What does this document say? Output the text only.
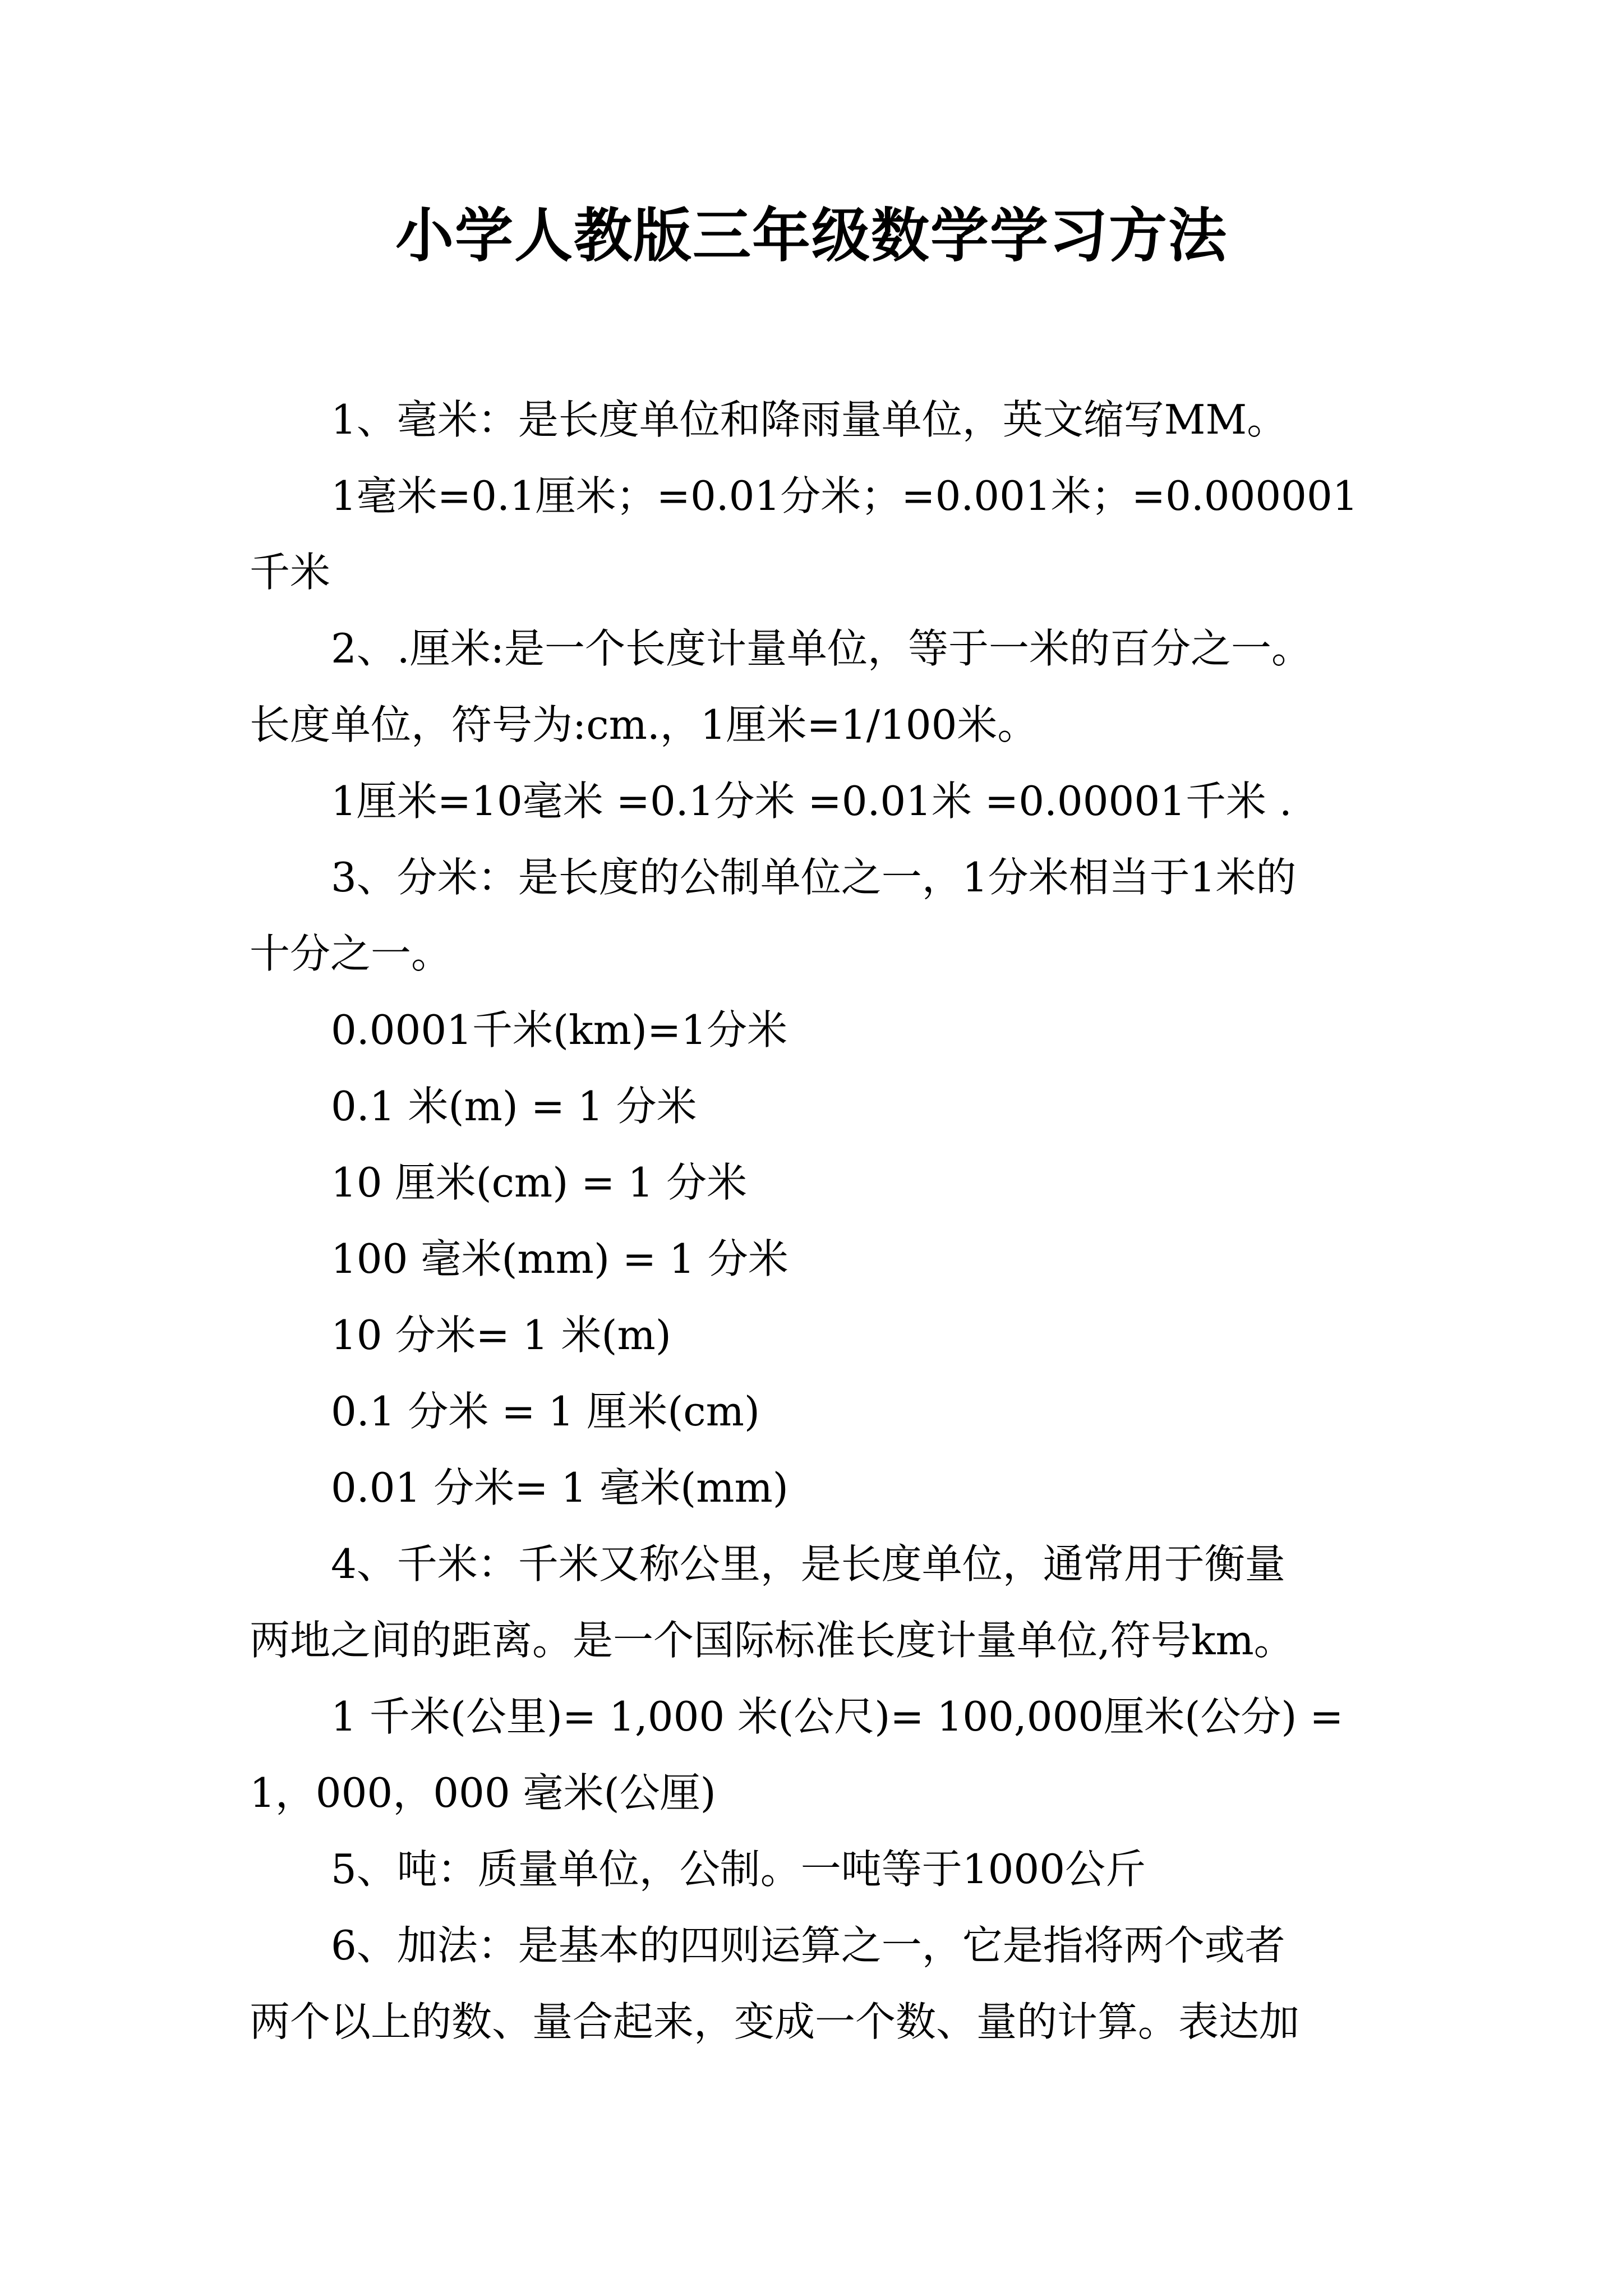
小学人教版三年级数学学习方法
1、毫米：是长度单位和降雨量单位，英文缩写MM。
1毫米=0.1厘米；=0.01分米；=0.001米；=0.000001
千米
2、.厘米:是一个长度计量单位，等于一米的百分之一。
长度单位，符号为:cm.，1厘米=1/100米。
1厘米=10毫米 =0.1分米 =0.01米 =0.00001千米 .
3、分米：是长度的公制单位之一，1分米相当于1米的
十分之一。
0.0001千米(km)=1分米
0.1 米(m) = 1 分米
10 厘米(cm) = 1 分米
100 毫米(mm) = 1 分米
10 分米= 1 米(m)
0.1 分米 = 1 厘米(cm)
0.01 分米= 1 毫米(mm)
4、千米：千米又称公里，是长度单位，通常用于衡量
两地之间的距离。是一个国际标准长度计量单位,符号km。
1 千米(公里)= 1,000 米(公尺)= 100,000厘米(公分) =
1，000，000 毫米(公厘)
5、吨：质量单位，公制。一吨等于1000公斤
6、加法：是基本的四则运算之一，它是指将两个或者
两个以上的数、量合起来，变成一个数、量的计算。表达加
